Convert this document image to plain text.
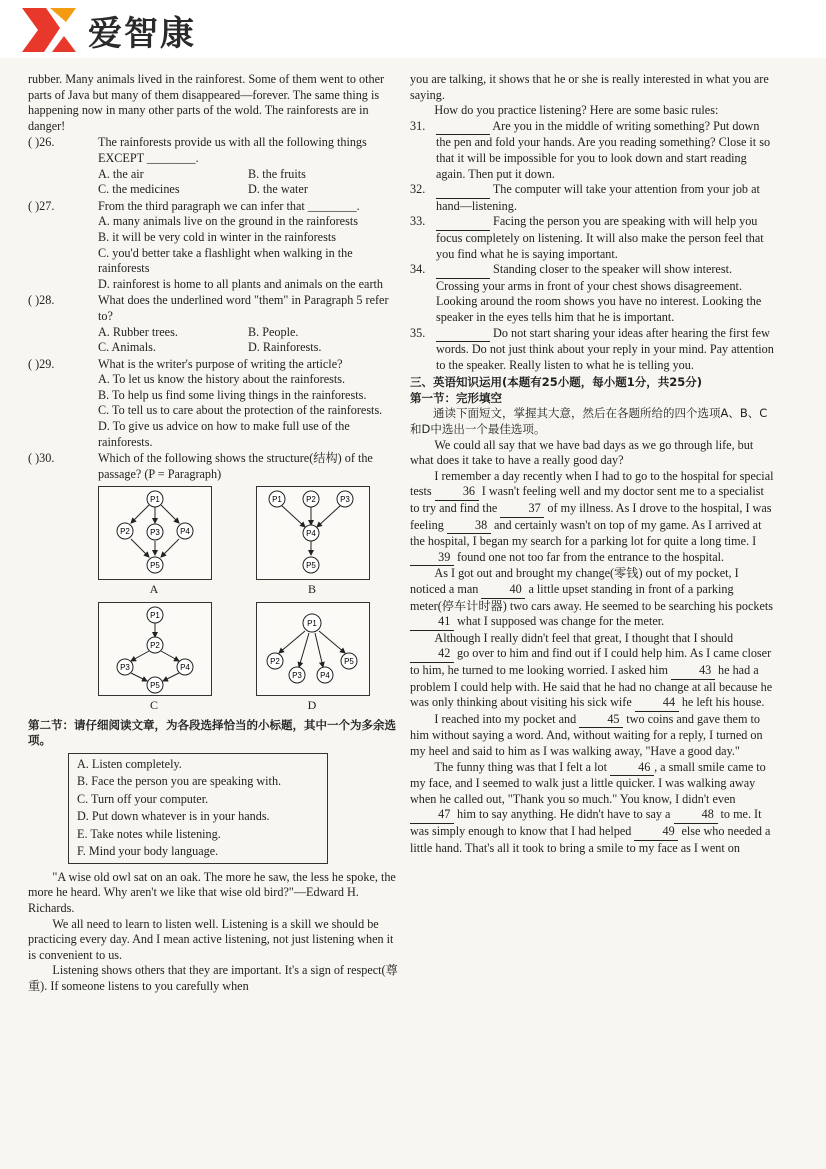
爱智康

rubber. Many animals lived in the rainforest. Some of them went to other parts of Java but many of them disappeared—forever. The same thing is happening now in many other parts of the wold. The rainforests are in danger!

( )26.	The rainforests provide us with all the following things EXCEPT ________.
A. the air	B. the fruits
C. the medicines	D. the water
( )27.	From the third paragraph we can infer that ________.
A. many animals live on the ground in the rainforests
B. it will be very cold in winter in the rainforests
C. you'd better take a flashlight when walking in the rainforests
D. rainforest is home to all plants and animals on the earth
( )28.	What does the underlined word "them" in Paragraph 5 refer to?
A. Rubber trees.	B. People.
C. Animals.	D. Rainforests.
( )29.	What is the writer's purpose of writing the article?
A. To let us know the history about the rainforests.
B. To help us find some living things in the rainforests.
C. To tell us to care about the protection of the rainforests.
D. To give us advice on how to make full use of the rainforests.
( )30.	Which of the following shows the structure(结构) of the passage? (P = Paragraph)
P1
P2	P3	P4
P5
A
P1	P2	P3
P4
P5
B
P1
P2
P3	P4
P5
C
P1
P2
P3 P4
P5
D

第二节：请仔细阅读文章，为各段选择恰当的小标题，其中一个为多余选项。

A. Listen completely.
B. Face the person you are speaking with.
C. Turn off your computer.
D. Put down whatever is in your hands.
E. Take notes while listening.
F. Mind your body language.

"A wise old owl sat on an oak. The more he saw, the less he spoke, the more he heard. Why aren't we like that wise old bird?"—Edward H. Richards.

We all need to learn to listen well. Listening is a skill we should be practicing every day. And I mean active listening, not just listening when it is convenient to us.

Listening shows others that they are important. It's a sign of respect(尊重). If someone listens to you carefully when

you are talking, it shows that he or she is really interested in what you are saying.

How do you practice listening? Here are some basic rules:

31.	Are you in the middle of writing something? Put down the pen and fold your hands. Are you reading something? Close it so that it will be impossible for you to look down and start reading again. Then put it down.
32.	The computer will take your attention from your job at hand—listening.
33.	Facing the person you are speaking with will help you focus completely on listening. It will also make the person feel that you find what he is saying important.
34.	Standing closer to the speaker will show interest. Crossing your arms in front of your chest shows disagreement. Looking around the room shows you have no interest. Looking the speaker in the eyes tells him that he is important.
35.	Do not start sharing your ideas after hearing the first few words. Do not just think about your reply in your mind. Pay attention to the speaker. Really listen to what he is telling you.

三、英语知识运用(本题有25小题，每小题1分，共25分)

第一节：完形填空

通读下面短文，掌握其大意，然后在各题所给的四个选项A、B、C和D中选出一个最佳选项。

We could all say that we have bad days as we go through life, but what does it take to have a really good day?

I remember a day recently when I had to go to the hospital for special tests 36 I wasn't feeling well and my doctor sent me to a specialist to try and find the 37 of my illness. As I drove to the hospital, I was feeling 38 and certainly wasn't on top of my game. As I arrived at the hospital, I began my search for a parking lot for quite a long time. I 39 found one not too far from the entrance to the hospital.

As I got out and brought my change(零钱) out of my pocket, I noticed a man 40 a little upset standing in front of a parking meter(停车计时器) two cars away. He seemed to be searching his pockets 41 what I supposed was change for the meter.

Although I really didn't feel that great, I thought that I should 42 go over to him and find out if I could help him. As I came closer to him, he turned to me looking worried. I asked him 43 he had a problem I could help with. He said that he had no change at all because he was only thinking about visiting his sick wife 44 he left his house.

I reached into my pocket and 45 two coins and gave them to him without saying a word. And, without waiting for a reply, I turned on my heel and said to him as I was walking away, "Have a good day."

The funny thing was that I felt a lot 46 , a small smile came to my face, and I seemed to walk just a little quicker. I was walking away when he called out, "Thank you so much." You know, I didn't even 47 him to say anything. He didn't have to say a 48 to me. It was simply enough to know that I had helped 49 else who needed a little hand. That's all it took to bring a smile to my face as I went on
